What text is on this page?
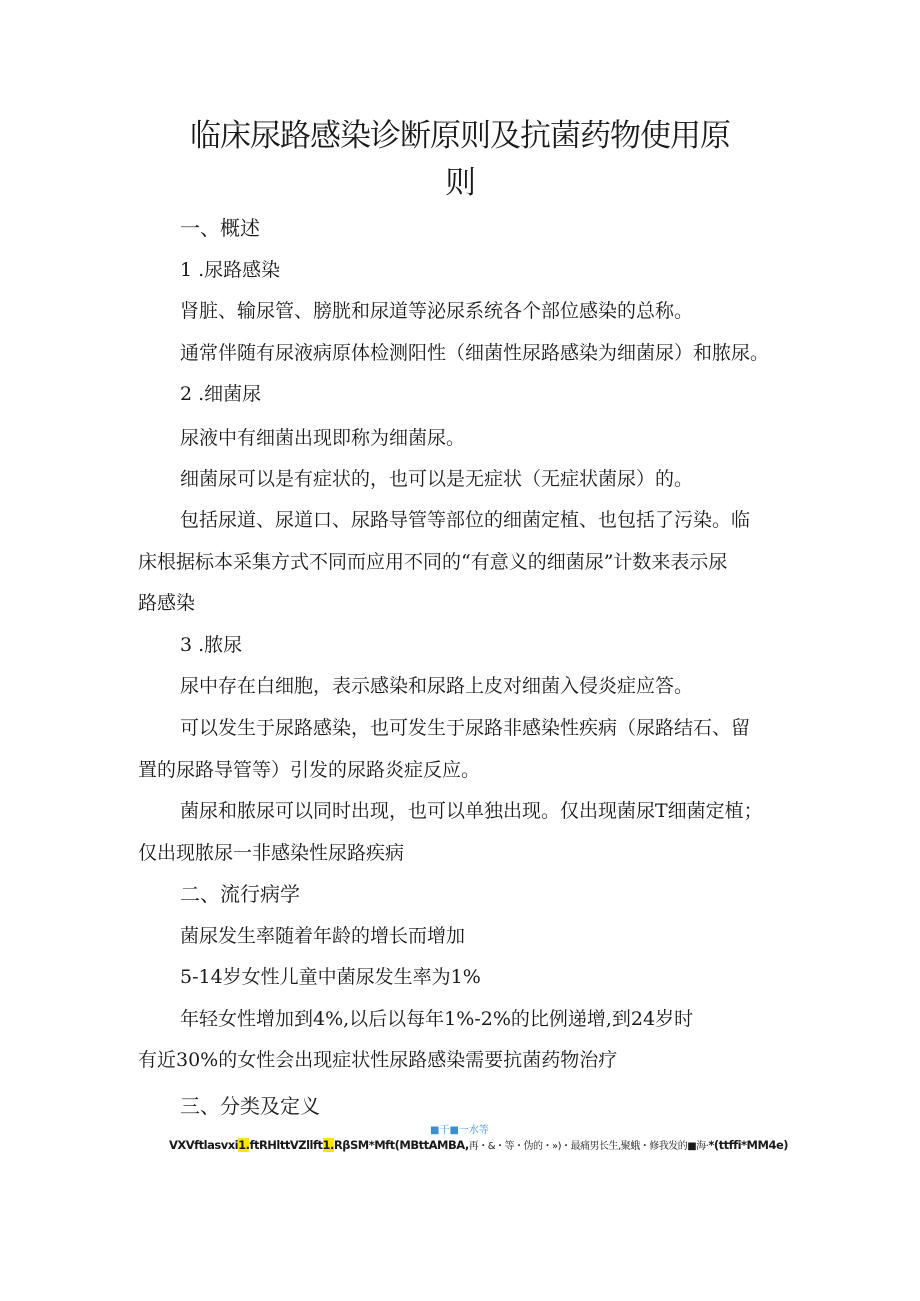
临床尿路感染诊断原则及抗菌药物使用原
则

一、概述

1 .尿路感染

肾脏、输尿管、膀胱和尿道等泌尿系统各个部位感染的总称。

通常伴随有尿液病原体检测阳性（细菌性尿路感染为细菌尿）和脓尿。

2 .细菌尿

尿液中有细菌出现即称为细菌尿。

细菌尿可以是有症状的，也可以是无症状（无症状菌尿）的。

包括尿道、尿道口、尿路导管等部位的细菌定植、也包括了污染。临

床根据标本采集方式不同而应用不同的“有意义的细菌尿”计数来表示尿

路感染

3 .脓尿

尿中存在白细胞，表示感染和尿路上皮对细菌入侵炎症应答。

可以发生于尿路感染，也可发生于尿路非感染性疾病（尿路结石、留

置的尿路导管等）引发的尿路炎症反应。

菌尿和脓尿可以同时出现，也可以单独出现。仅出现菌尿T细菌定植；

仅出现脓尿一非感染性尿路疾病

二、流行病学

菌尿发生率随着年龄的增长而增加

5-14岁女性儿童中菌尿发生率为1%

年轻女性增加到4%,以后以每年1%-2%的比例递增,到24岁时

有近30%的女性会出现症状性尿路感染需要抗菌药物治疗

三、分类及定义

■干■一水等

VXVftlasvxi1.ftRHlttVZllft1.RβSM*Mft(MBttAMBA,再・&・等・伪的・»)・最痛男长生,聚蛾・修我发的■海·*(ttffi*MM4e)
